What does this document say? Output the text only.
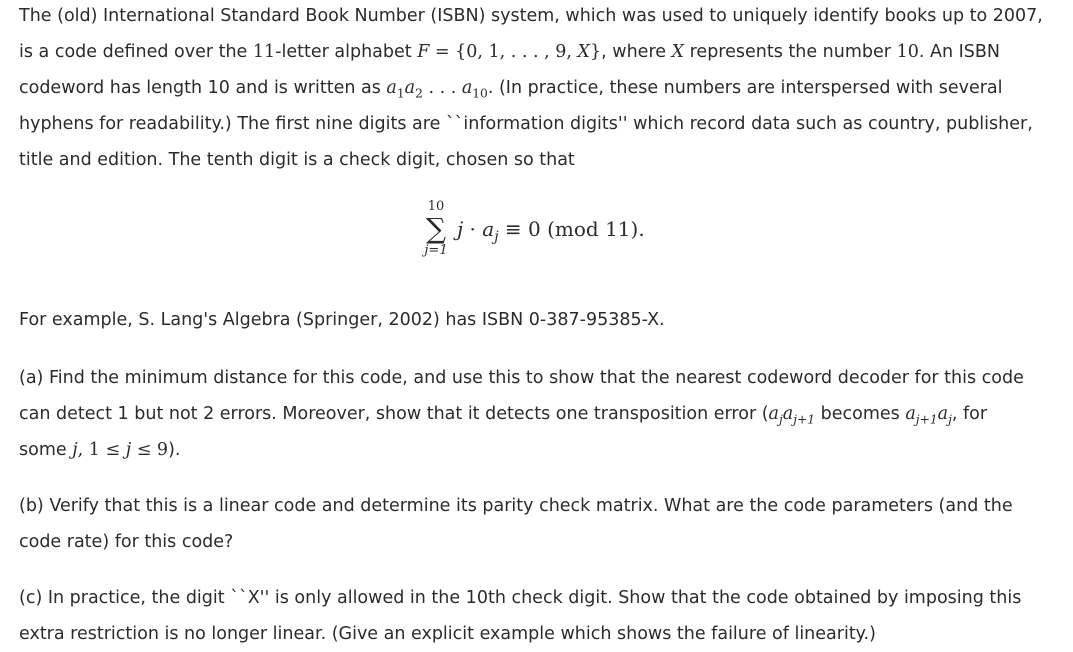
The (old) International Standard Book Number (ISBN) system, which was used to uniquely identify books up to 2007,
is a code defined over the 11-letter alphabet F = {0, 1, . . . , 9, X}, where X represents the number 10. An ISBN
codeword has length 10 and is written as $a_1a_2$ . . . $a_{10}$. (In practice, these numbers are interspersed with several
hyphens for readability.) The first nine digits are ``information digits'' which record data such as country, publisher,
title and edition. The tenth digit is a check digit, chosen so that

10
∑
j=1
$j \cdot a_j \equiv 0$ (mod 11).

For example, S. Lang's Algebra (Springer, 2002) has ISBN 0-387-95385-X.

(a) Find the minimum distance for this code, and use this to show that the nearest codeword decoder for this code
can detect 1 but not 2 errors. Moreover, show that it detects one transposition error ($a_ja_{j+1}$ becomes $a_{j+1}a_j$, for
some j, 1 ≤ j ≤ 9).

(b) Verify that this is a linear code and determine its parity check matrix. What are the code parameters (and the
code rate) for this code?

(c) In practice, the digit ``X'' is only allowed in the 10th check digit. Show that the code obtained by imposing this
extra restriction is no longer linear. (Give an explicit example which shows the failure of linearity.)
